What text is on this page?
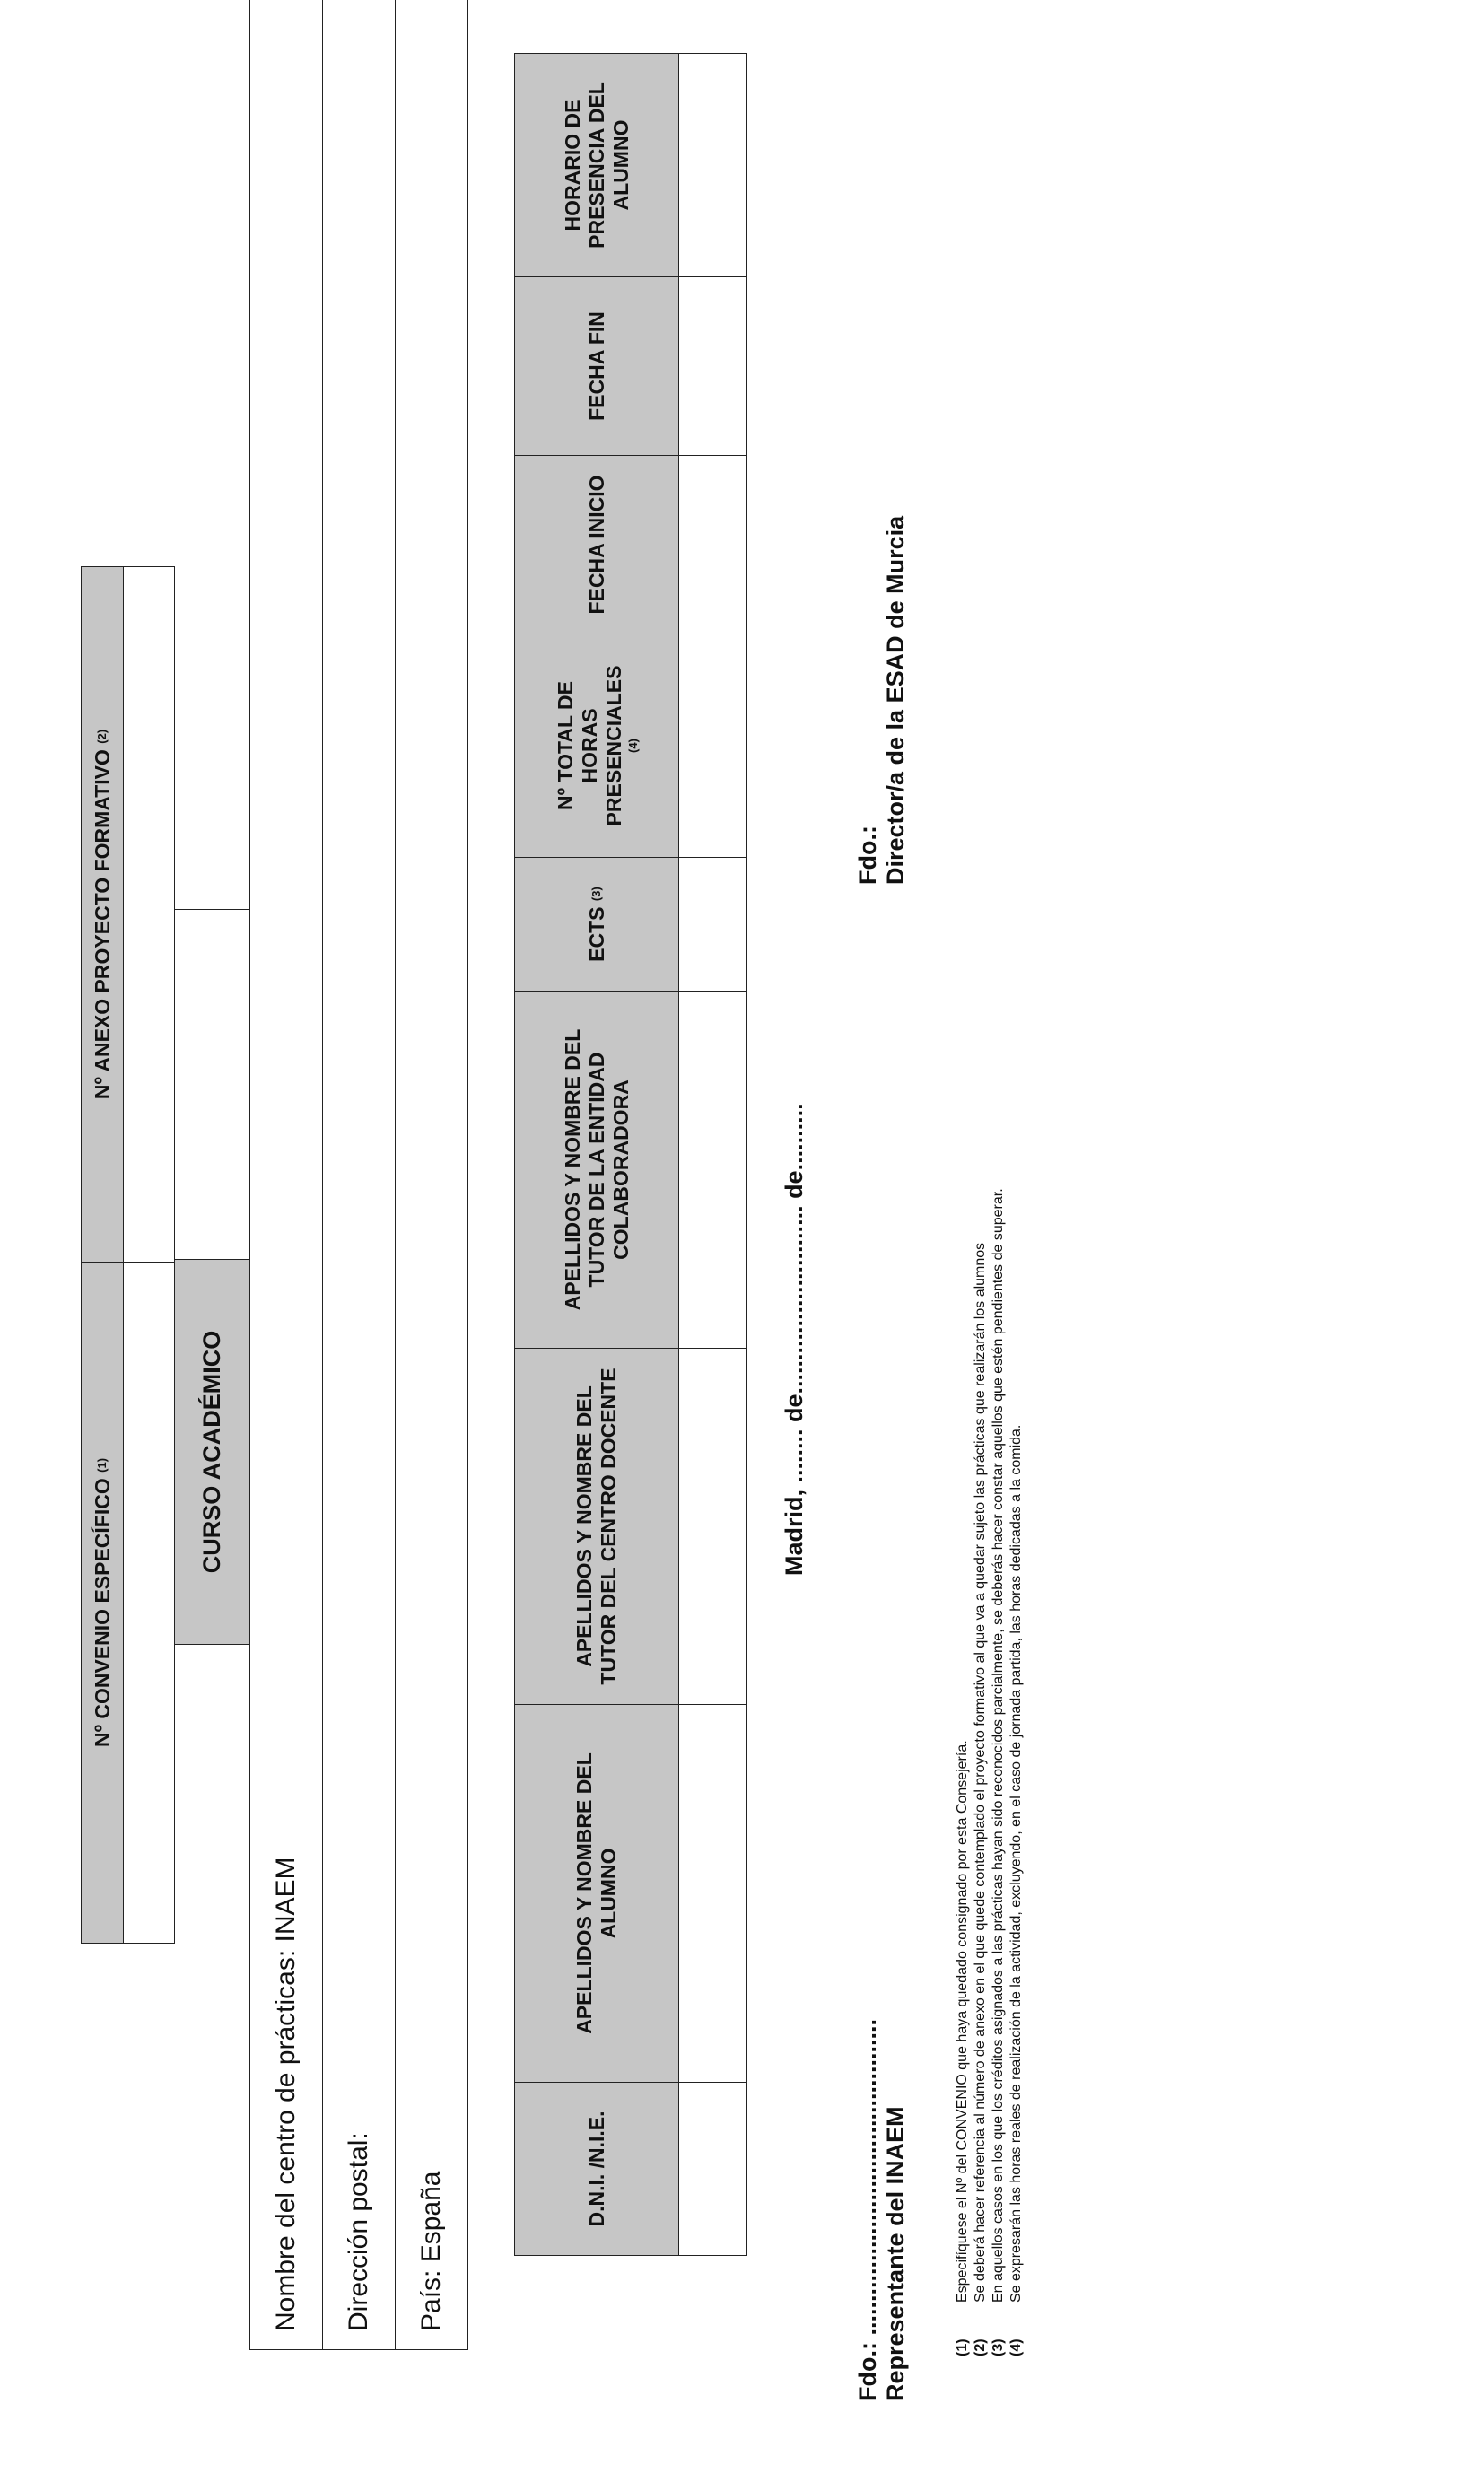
Nº CONVENIO ESPECÍFICO

(1)
Nº ANEXO PROYECTO FORMATIVO

(2)
CURSO ACADÉMICO
Nombre del centro de prácticas: INAEM Dirección postal: País: España
D.N.I. /N.I.E.
APELLIDOS Y NOMBRE DEL ALUMNO
APELLIDOS Y NOMBRE DEL TUTOR DEL CENTRO DOCENTE
APELLIDOS Y NOMBRE DEL TUTOR DE LA ENTIDAD COLABORADORA
ECTS

(3)
Nº TOTAL DE HORAS PRESENCIALES (4)
FECHA INICIO
FECHA FIN
HORARIO DE PRESENCIA DEL ALUMNO
Madrid, ........ de............................ de..........
Fdo.: ............................................... Representante del INAEM
Fdo.: Director/a de la ESAD de Murcia
(1)Especifíquese el Nº del CONVENIO que haya quedado consignado por esta Consejería.
(2)Se deberá hacer referencia al número de anexo en el que quede contemplado el proyecto formativo al que va a quedar sujeto las prácticas que realizarán los alumnos
(3)En aquellos casos en los que los créditos asignados a las prácticas hayan sido reconocidos parcialmente, se deberás hacer constar aquellos que estén pendientes de superar.
(4)Se expresarán las horas reales de realización de la actividad, excluyendo, en el caso de jornada partida, las horas dedicadas a la comida.
